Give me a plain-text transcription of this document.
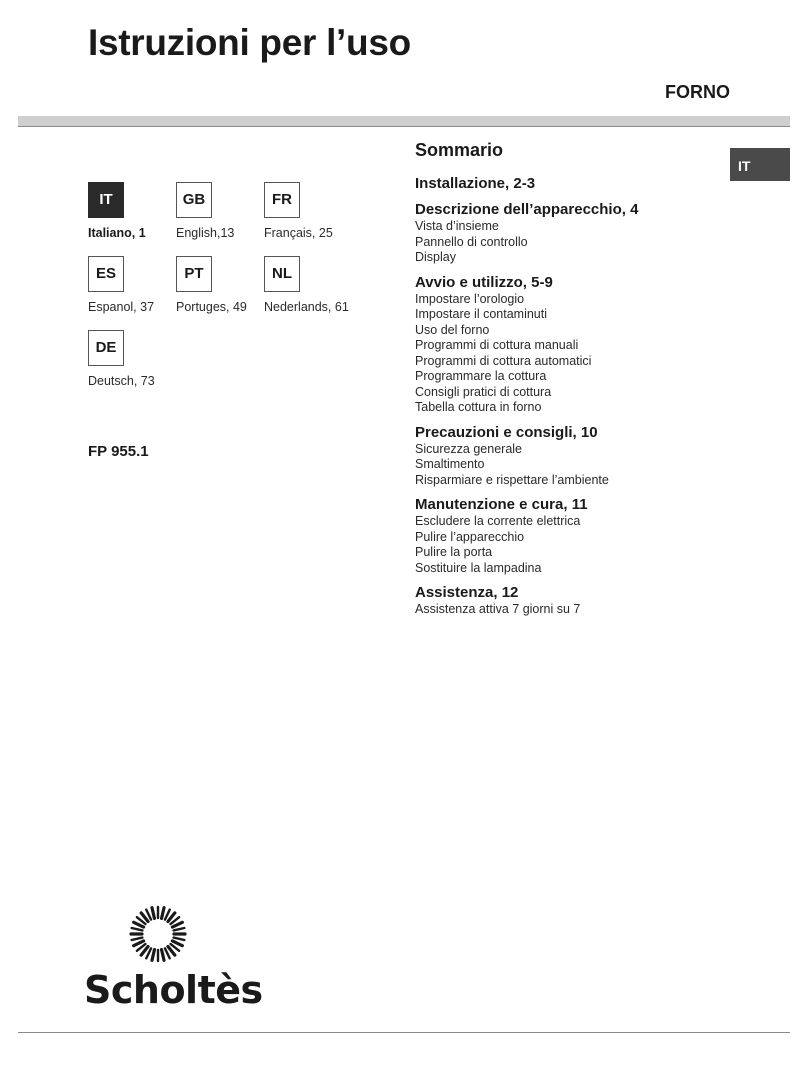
Istruzioni per l’uso
FORNO
IT
IT
Italiano, 1
GB
English,13
FR
Français, 25
ES
Espanol, 37
PT
Portuges, 49
NL
Nederlands, 61
DE
Deutsch, 73
FP 955.1
Sommario
Installazione, 2-3
Descrizione dell’apparecchio, 4
Vista d’insieme
Pannello di controllo
Display
Avvio e utilizzo, 5-9
Impostare l’orologio
Impostare il contaminuti
Uso del forno
Programmi di cottura manuali
Programmi di cottura automatici
Programmare la cottura
Consigli pratici di cottura
Tabella cottura in forno
Precauzioni e consigli, 10
Sicurezza generale
Smaltimento
Risparmiare e rispettare l’ambiente
Manutenzione e cura, 11
Escludere la corrente elettrica
Pulire l’apparecchio
Pulire la porta
Sostituire la lampadina
Assistenza, 12
Assistenza attiva 7 giorni su 7
Scholtès
